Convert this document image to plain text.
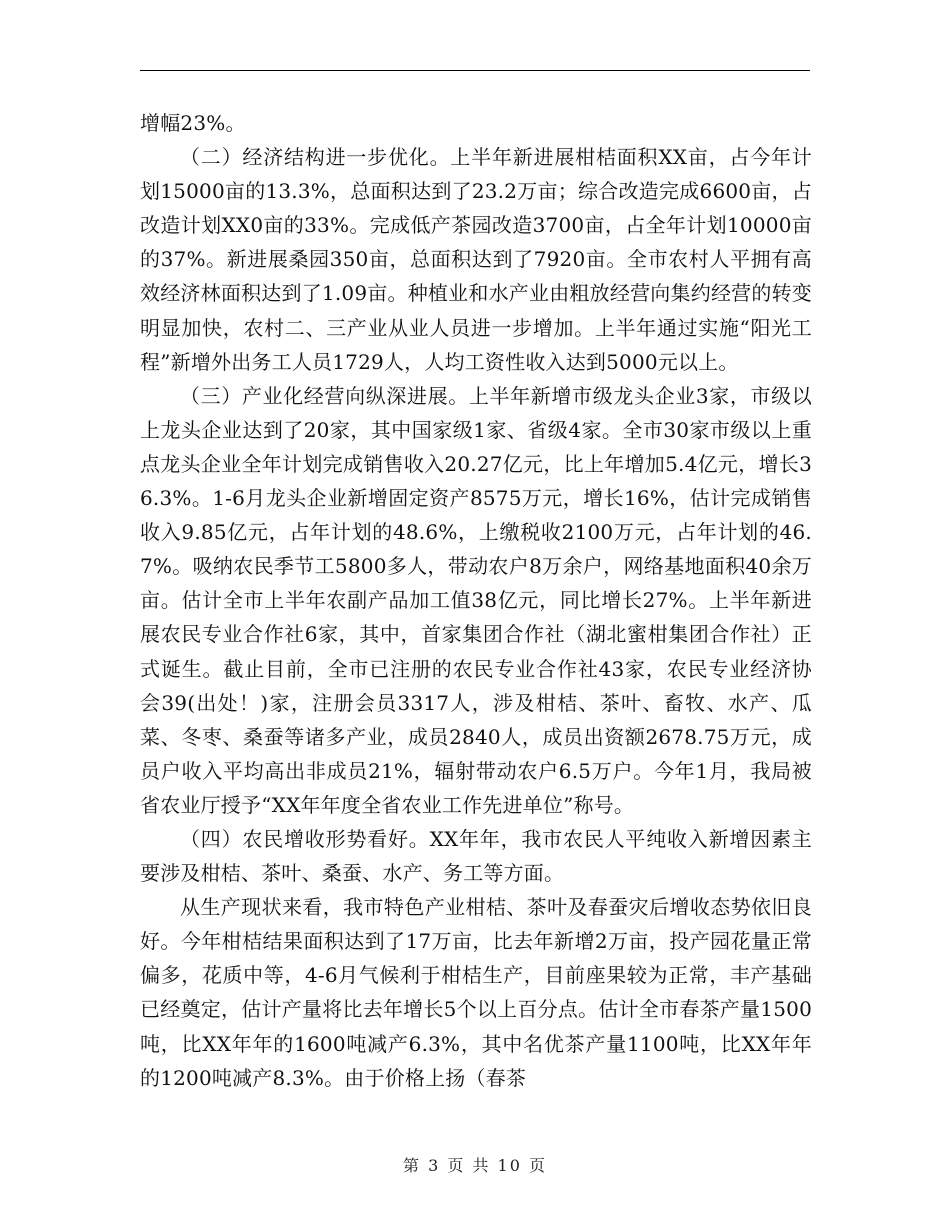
增幅23%。

（二）经济结构进一步优化。上半年新进展柑桔面积XX亩，占今年计划15000亩的13.3%，总面积达到了23.2万亩；综合改造完成6600亩，占改造计划XX0亩的33%。完成低产茶园改造3700亩，占全年计划10000亩的37%。新进展桑园350亩，总面积达到了7920亩。全市农村人平拥有高效经济林面积达到了1.09亩。种植业和水产业由粗放经营向集约经营的转变明显加快，农村二、三产业从业人员进一步增加。上半年通过实施“阳光工程”新增外出务工人员1729人，人均工资性收入达到5000元以上。

（三）产业化经营向纵深进展。上半年新增市级龙头企业3家，市级以上龙头企业达到了20家，其中国家级1家、省级4家。全市30家市级以上重点龙头企业全年计划完成销售收入20.27亿元，比上年增加5.4亿元，增长36.3%。1-6月龙头企业新增固定资产8575万元，增长16%，估计完成销售收入9.85亿元，占年计划的48.6%，上缴税收2100万元，占年计划的46.7%。吸纳农民季节工5800多人，带动农户8万余户，网络基地面积40余万亩。估计全市上半年农副产品加工值38亿元，同比增长27%。上半年新进展农民专业合作社6家，其中，首家集团合作社（湖北蜜柑集团合作社）正式诞生。截止目前，全市已注册的农民专业合作社43家，农民专业经济协会39(出处！)家，注册会员3317人，涉及柑桔、茶叶、畜牧、水产、瓜菜、冬枣、桑蚕等诸多产业，成员2840人，成员出资额2678.75万元，成员户收入平均高出非成员21%，辐射带动农户6.5万户。今年1月，我局被省农业厅授予“XX年年度全省农业工作先进单位”称号。

（四）农民增收形势看好。XX年年，我市农民人平纯收入新增因素主要涉及柑桔、茶叶、桑蚕、水产、务工等方面。

从生产现状来看，我市特色产业柑桔、茶叶及春蚕灾后增收态势依旧良好。今年柑桔结果面积达到了17万亩，比去年新增2万亩，投产园花量正常偏多，花质中等，4-6月气候利于柑桔生产，目前座果较为正常，丰产基础已经奠定，估计产量将比去年增长5个以上百分点。估计全市春茶产量1500吨，比XX年年的1600吨减产6.3%，其中名优茶产量1100吨，比XX年年的1200吨减产8.3%。由于价格上扬（春茶

第 3 页 共 10 页
